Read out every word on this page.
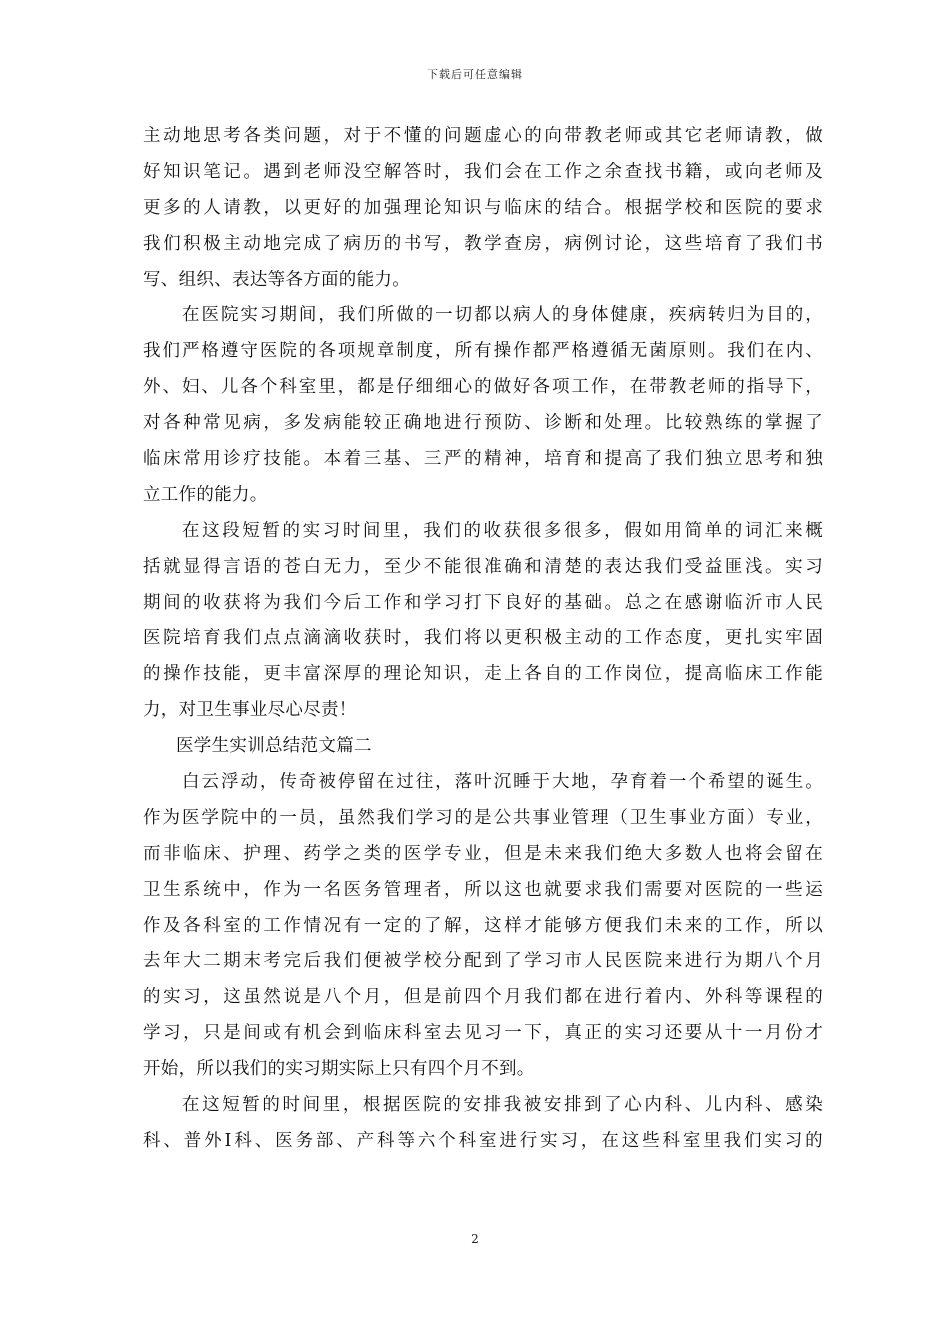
下载后可任意编辑
主动地思考各类问题，对于不懂的问题虚心的向带教老师或其它老师请教，做
好知识笔记。遇到老师没空解答时，我们会在工作之余查找书籍，或向老师及
更多的人请教，以更好的加强理论知识与临床的结合。根据学校和医院的要求
我们积极主动地完成了病历的书写，教学查房，病例讨论，这些培育了我们书
写、组织、表达等各方面的能力。
在医院实习期间，我们所做的一切都以病人的身体健康，疾病转归为目的，
我们严格遵守医院的各项规章制度，所有操作都严格遵循无菌原则。我们在内、
外、妇、儿各个科室里，都是仔细细心的做好各项工作，在带教老师的指导下，
对各种常见病，多发病能较正确地进行预防、诊断和处理。比较熟练的掌握了
临床常用诊疗技能。本着三基、三严的精神，培育和提高了我们独立思考和独
立工作的能力。
在这段短暂的实习时间里，我们的收获很多很多，假如用简单的词汇来概
括就显得言语的苍白无力，至少不能很准确和清楚的表达我们受益匪浅。实习
期间的收获将为我们今后工作和学习打下良好的基础。总之在感谢临沂市人民
医院培育我们点点滴滴收获时，我们将以更积极主动的工作态度，更扎实牢固
的操作技能，更丰富深厚的理论知识，走上各自的工作岗位，提高临床工作能
力，对卫生事业尽心尽责！
医学生实训总结范文篇二
白云浮动，传奇被停留在过往，落叶沉睡于大地，孕育着一个希望的诞生。
作为医学院中的一员，虽然我们学习的是公共事业管理（卫生事业方面）专业，
而非临床、护理、药学之类的医学专业，但是未来我们绝大多数人也将会留在
卫生系统中，作为一名医务管理者，所以这也就要求我们需要对医院的一些运
作及各科室的工作情况有一定的了解，这样才能够方便我们未来的工作，所以
去年大二期末考完后我们便被学校分配到了学习市人民医院来进行为期八个月
的实习，这虽然说是八个月，但是前四个月我们都在进行着内、外科等课程的
学习，只是间或有机会到临床科室去见习一下，真正的实习还要从十一月份才
开始，所以我们的实习期实际上只有四个月不到。
在这短暂的时间里，根据医院的安排我被安排到了心内科、儿内科、感染
科、普外Ⅰ科、医务部、产科等六个科室进行实习，在这些科室里我们实习的
2
